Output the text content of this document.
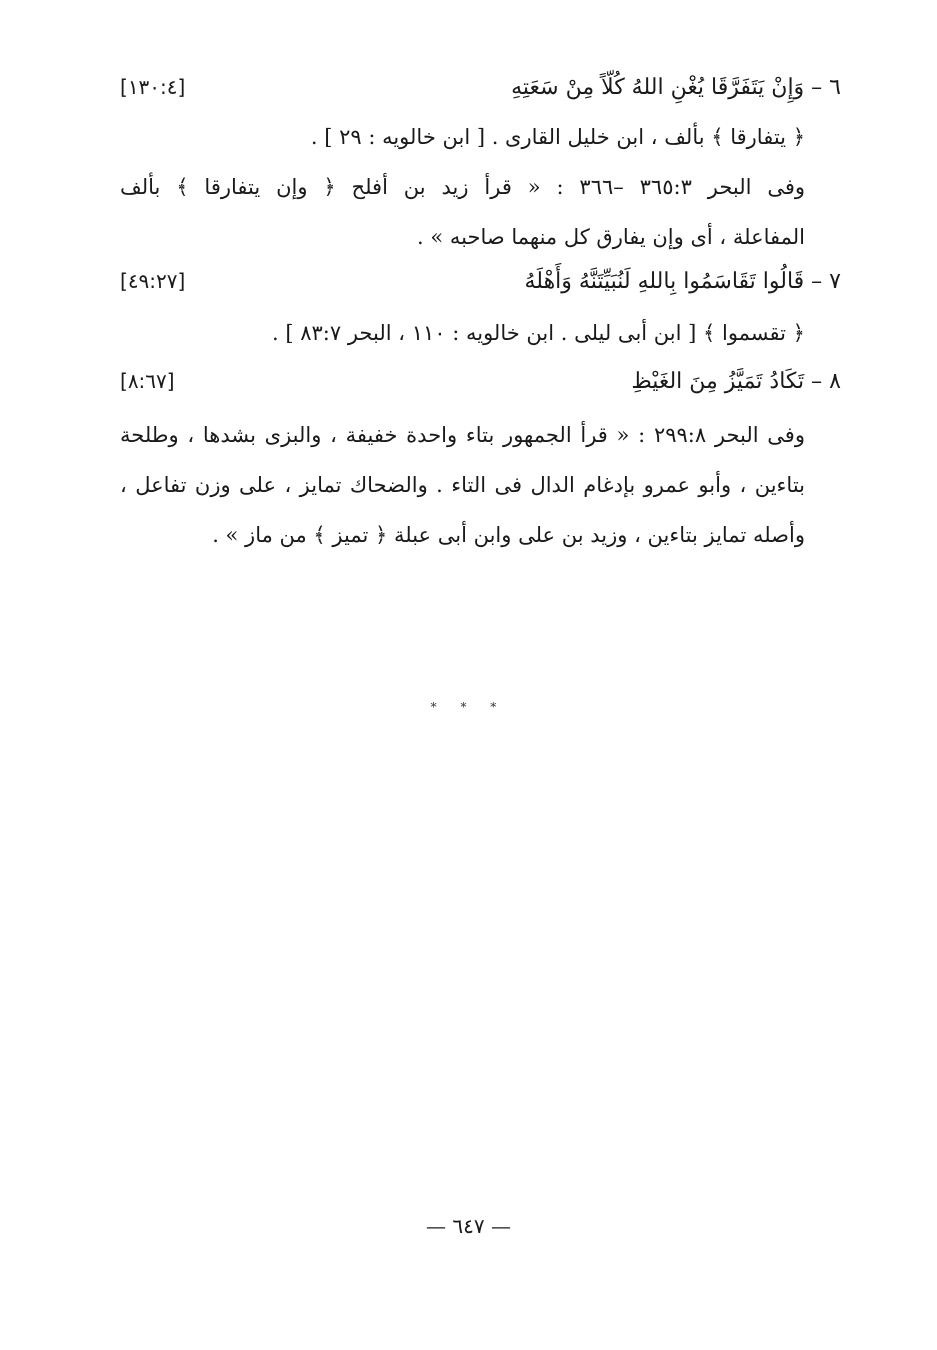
٦ – وَإِنْ يَتَفَرَّقَا يُغْنِ اللهُ كُلّاً مِنْ سَعَتِهِ
[١٣٠:٤]
﴿ يتفارقا ﴾ بألف ، ابن خليل القارى . [ ابن خالويه : ٢٩ ] .
وفى البحر ٣٦٥:٣ –٣٦٦ : « قرأ زيد بن أفلح ﴿ وإن يتفارقا ﴾ بألف
المفاعلة ، أى وإن يفارق كل منهما صاحبه » .
٧ – قَالُوا تَقَاسَمُوا بِاللهِ لَنُبَيِّتَنَّهُ وَأَهْلَهُ
[٤٩:٢٧]
﴿ تقسموا ﴾ [ ابن أبى ليلى . ابن خالويه : ١١٠ ، البحر ٨٣:٧ ] .
٨ – تَكَادُ تَمَيَّزُ مِنَ الغَيْظِ
[٨:٦٧]
وفى البحر ٢٩٩:٨ : « قرأ الجمهور بتاء واحدة خفيفة ، والبزى بشدها ، وطلحة
بتاءين ، وأبو عمرو بإدغام الدال فى التاء . والضحاك تمايز ، على وزن تفاعل ،
وأصله تمايز بتاءين ، وزيد بن على وابن أبى عبلة ﴿ تميز ﴾ من ماز » .
* * *
— ٦٤٧ —
